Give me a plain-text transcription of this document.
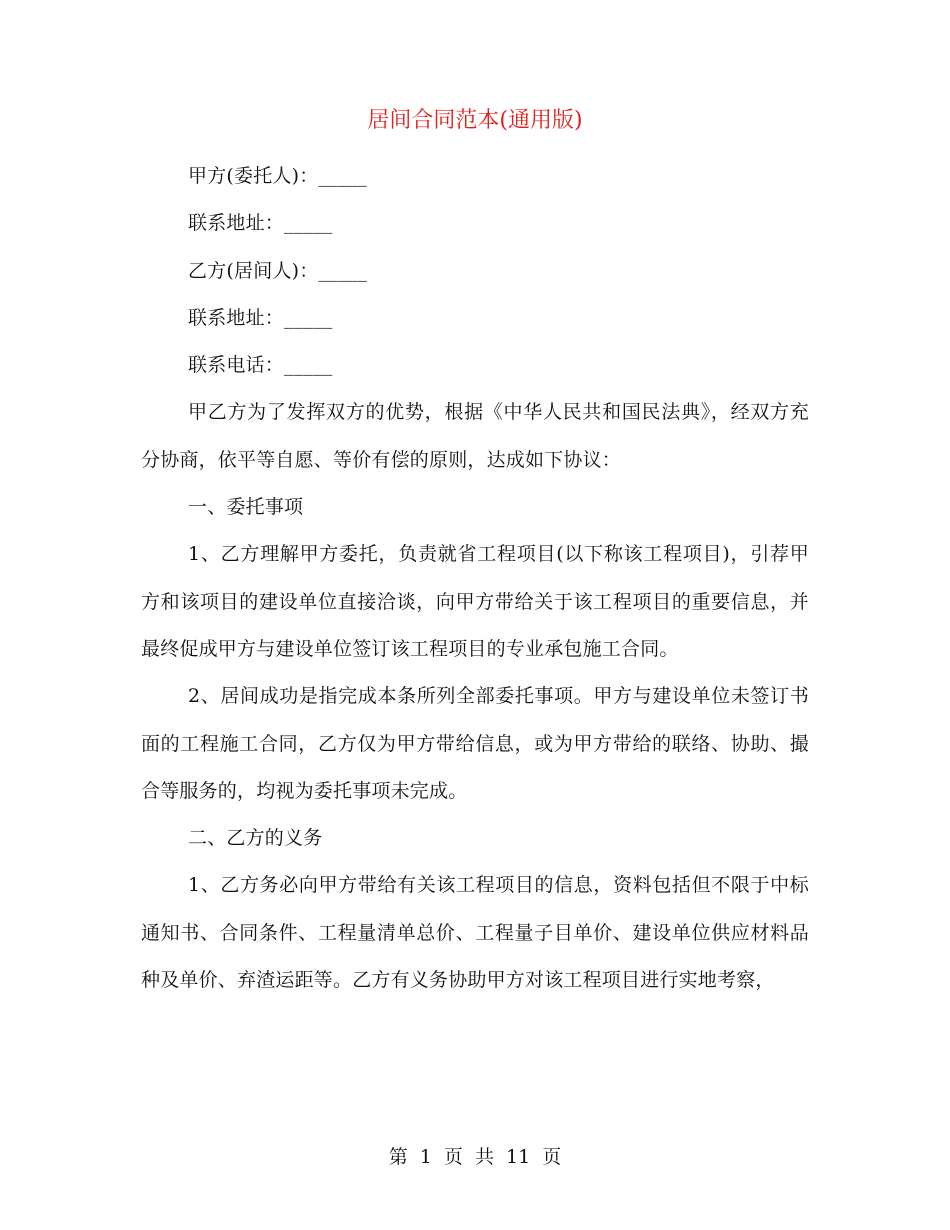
居间合同范本(通用版)

甲方(委托人)：_____

联系地址：_____

乙方(居间人)：_____

联系地址：_____

联系电话：_____

甲乙方为了发挥双方的优势，根据《中华人民共和国民法典》，经双方充分协商，依平等自愿、等价有偿的原则，达成如下协议：

一、委托事项

1、乙方理解甲方委托，负责就省工程项目(以下称该工程项目)，引荐甲方和该项目的建设单位直接洽谈，向甲方带给关于该工程项目的重要信息，并最终促成甲方与建设单位签订该工程项目的专业承包施工合同。

2、居间成功是指完成本条所列全部委托事项。甲方与建设单位未签订书面的工程施工合同，乙方仅为甲方带给信息，或为甲方带给的联络、协助、撮合等服务的，均视为委托事项未完成。

二、乙方的义务

1、乙方务必向甲方带给有关该工程项目的信息，资料包括但不限于中标通知书、合同条件、工程量清单总价、工程量子目单价、建设单位供应材料品种及单价、弃渣运距等。乙方有义务协助甲方对该工程项目进行实地考察，

第 1 页 共 11 页
